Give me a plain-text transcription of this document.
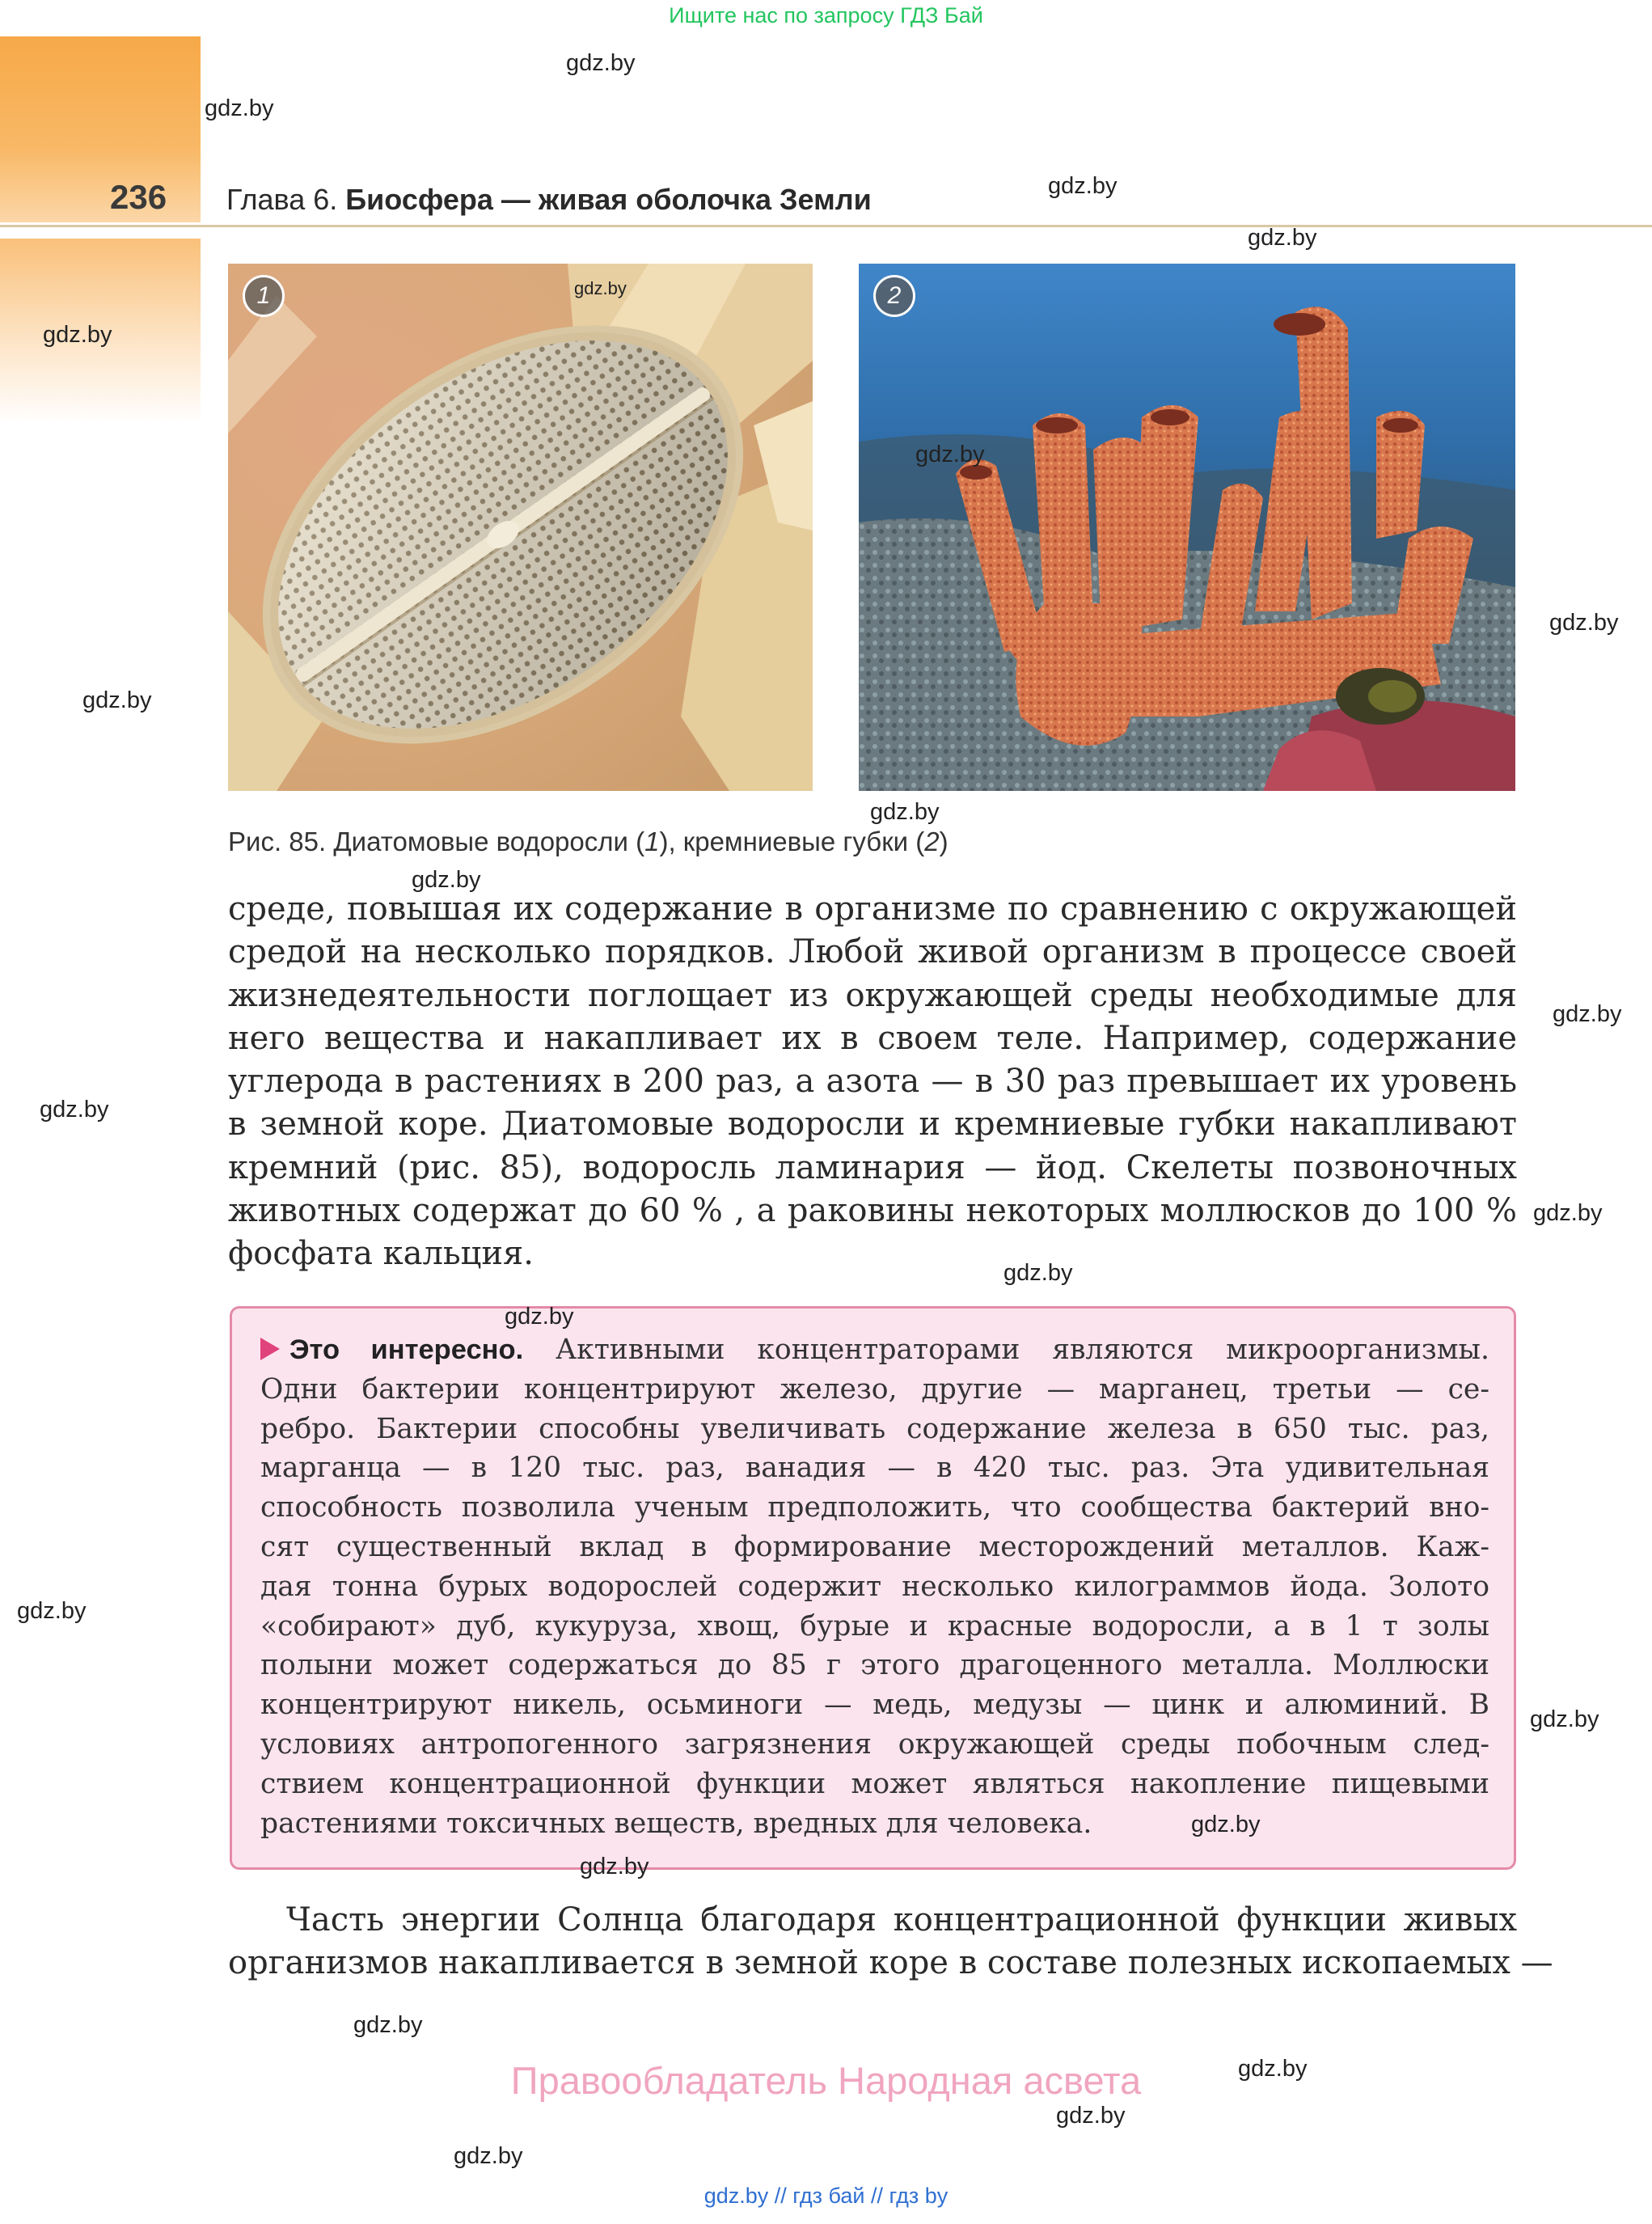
Ищите нас по запросу ГДЗ Бай
236 Глава 6. Биосфера — живая оболочка Земли
1	2
Рис. 85. Диатомовые водоросли (1), кремниевые губки (2)
среде, повышая их содержание в организме по сравнению с окружающей
средой на несколько порядков. Любой живой организм в процессе своей
жизнедеятельности поглощает из окружающей среды необходимые для
него вещества и накапливает их в своем теле. Например, содержание
углерода в растениях в 200 раз, а азота — в 30 раз превышает их уровень
в земной коре. Диатомовые водоросли и кремниевые губки накапливают
кремний (рис. 85), водоросль ламинария — йод. Скелеты позвоночных
животных содержат до 60 % , а раковины некоторых моллюсков до 100 %
фосфата кальция.
Это интересно. Активными концентраторами являются микроорганизмы.
Одни бактерии концентрируют железо, другие — марганец, третьи — се-
ребро. Бактерии способны увеличивать содержание железа в 650 тыс. раз,
марганца — в 120 тыс. раз, ванадия — в 420 тыс. раз. Эта удивительная
способность позволила ученым предположить, что сообщества бактерий вно-
сят существенный вклад в формирование месторождений металлов. Каж-
дая тонна бурых водорослей содержит несколько килограммов йода. Золото
«собирают» дуб, кукуруза, хвощ, бурые и красные водоросли, а в 1 т золы
полыни может содержаться до 85 г этого драгоценного металла. Моллюски
концентрируют никель, осьминоги — медь, медузы — цинк и алюминий. В
условиях антропогенного загрязнения окружающей среды побочным след-
ствием концентрационной функции может являться накопление пищевыми
растениями токсичных веществ, вредных для человека.
Часть энергии Солнца благодаря концентрационной функции живых
организмов накапливается в земной коре в составе полезных ископаемых —
Правообладатель Народная асвета
gdz.by
gdz.by
gdz.by
gdz.by
gdz.by
gdz.by
gdz.by
gdz.by
gdz.by
gdz.by
gdz.by
gdz.by
gdz.by
gdz.by
gdz.by
gdz.by
gdz.by
gdz.by
gdz.by
gdz.by
gdz.by
gdz.by
gdz.by
gdz.by
gdz.by // гдз бай // гдз by
